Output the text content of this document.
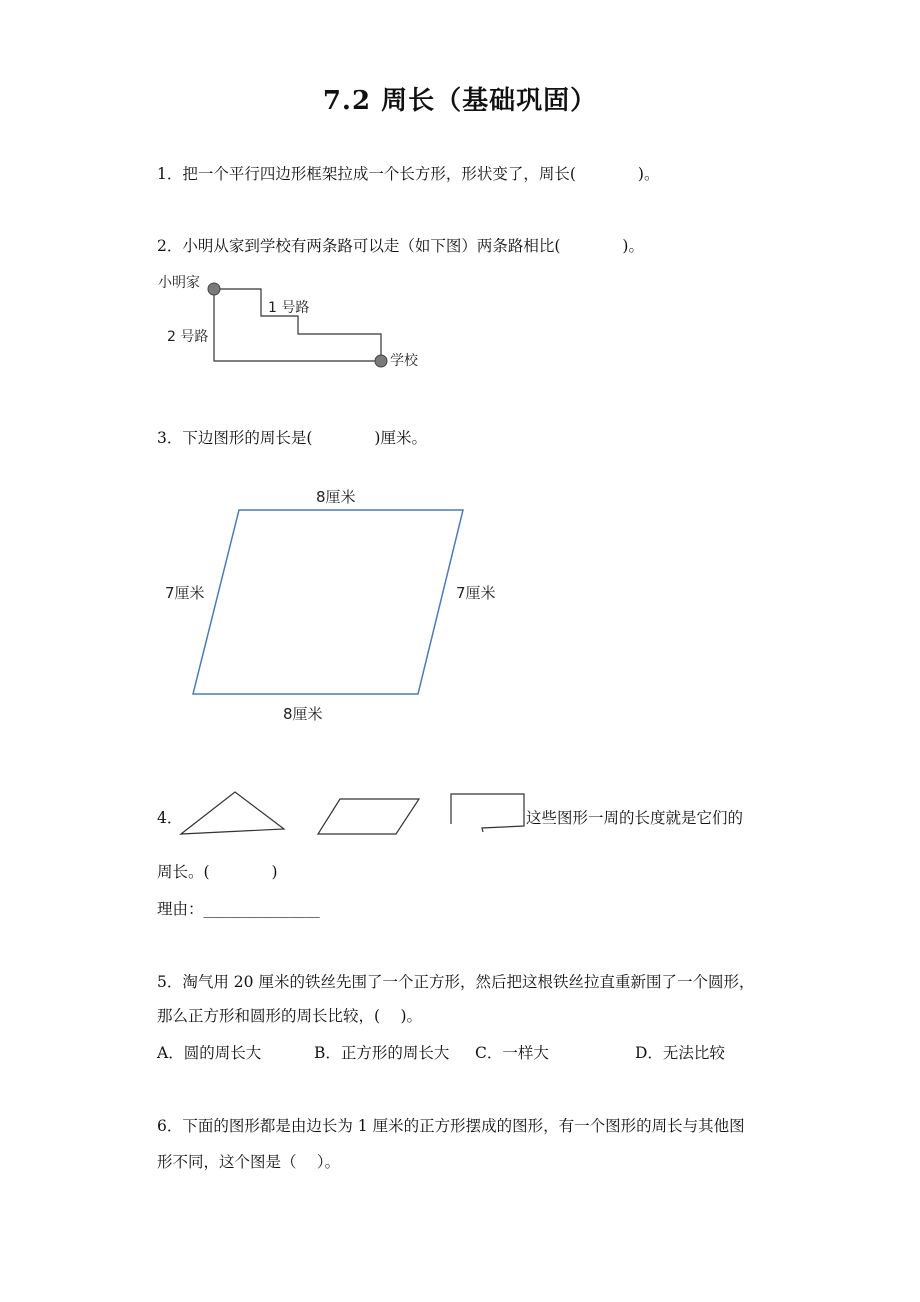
7.2 周长（基础巩固）
1．把一个平行四边形框架拉成一个长方形，形状变了，周长(　　　　)。
2．小明从家到学校有两条路可以走（如下图）两条路相比(　　　　)。
小明家
1 号路
2 号路
学校
3．下边图形的周长是(　　　　)厘米。
8厘米
8厘米
7厘米	7厘米
4．	这些图形一周的长度就是它们的
周长。(　　　　)
理由：_______________
5．淘气用 20 厘米的铁丝先围了一个正方形，然后把这根铁丝拉直重新围了一个圆形，
那么正方形和圆形的周长比较，(　 )。
A．圆的周长大	B．正方形的周长大 C．一样大	D．无法比较
6．下面的图形都是由边长为 1 厘米的正方形摆成的图形，有一个图形的周长与其他图
形不同，这个图是（　 ）。
